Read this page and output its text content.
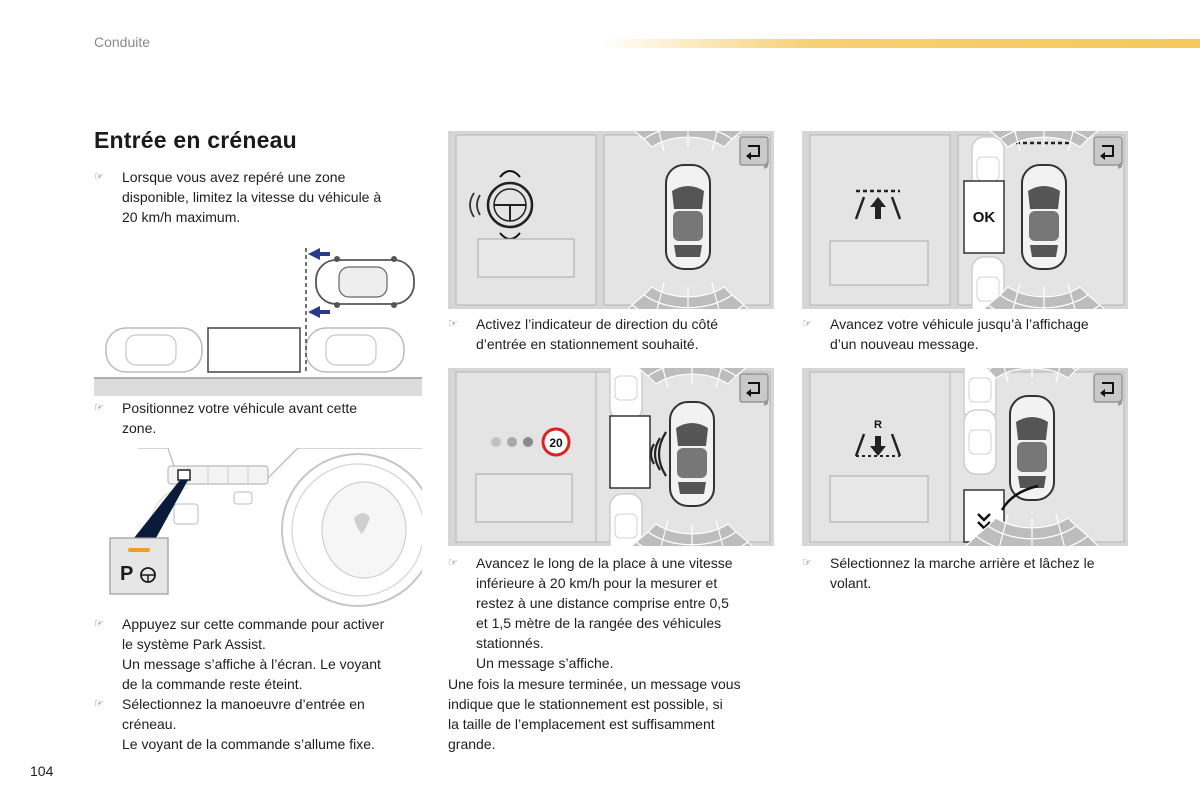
Conduite
Entrée en créneau
☞ Lorsque vous avez repéré une zone
disponible, limitez la vitesse du véhicule à
20 km/h maximum.
☞ Positionnez votre véhicule avant cette
zone.
P
☞ Appuyez sur cette commande pour activer
le système Park Assist.
Un message s’affiche à l’écran. Le voyant
de la commande reste éteint.
☞ Sélectionnez la manoeuvre d’entrée en
créneau.
Le voyant de la commande s’allume fixe.
OK
☞ Activez l’indicateur de direction du côté
d’entrée en stationnement souhaité.
☞ Avancez votre véhicule jusqu’à l’affichage
d’un nouveau message.
20
R
☞ Avancez le long de la place à une vitesse
inférieure à 20 km/h pour la mesurer et
restez à une distance comprise entre 0,5
et 1,5 mètre de la rangée des véhicules
stationnés.
Un message s’affiche.
Une fois la mesure terminée, un message vous
indique que le stationnement est possible, si
la taille de l’emplacement est suffisamment
grande.
☞ Sélectionnez la marche arrière et lâchez le
volant.
104
